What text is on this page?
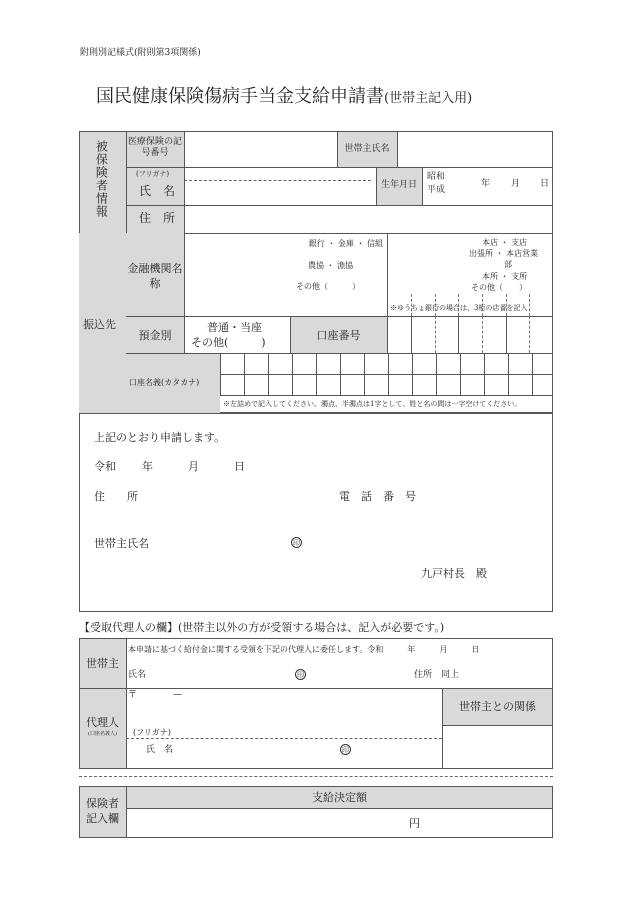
附則別記様式(附則第3項関係)
国民健康保険傷病手当金支給申請書(世帯主記入用)
被保険者情報 医療保険の記号番号	世帯主氏名
(フリガナ)
氏　名	生年月日
昭和
平成
年 月 日
住　所
振込先
金融機関名称
銀行 ・ 金庫 ・ 信組
農協 ・ 漁協
その他（　　　）
本店 ・ 支店
出張所 ・ 本店営業
部
本所 ・ 支所
その他（　　）
※ゆうちょ銀行の場合は、3桁の店番を記入
預金別
普通・当座
その他(　　　)
口座番号
口座名義(カタカナ)
※左詰めで記入してください。濁点、半濁点は1字として、姓と名の間は一字空けてください。
上記のとおり申請します。
令和 年	月	日
住　　所	電　話　番　号
世帯主氏名	印
九戸村長　殿
【受取代理人の欄】(世帯主以外の方が受領する場合は、記入が必要です。)
世帯主
本申請に基づく給付金に関する受領を下記の代理人に委任します。令和　　　年　　　月　　　日
氏名	印	住所　同上
代理人
(口座名義人)
〒　　　　—
世帯主との関係
(フリガナ)
氏　名	印
保険者
記入欄
支給決定額
円
